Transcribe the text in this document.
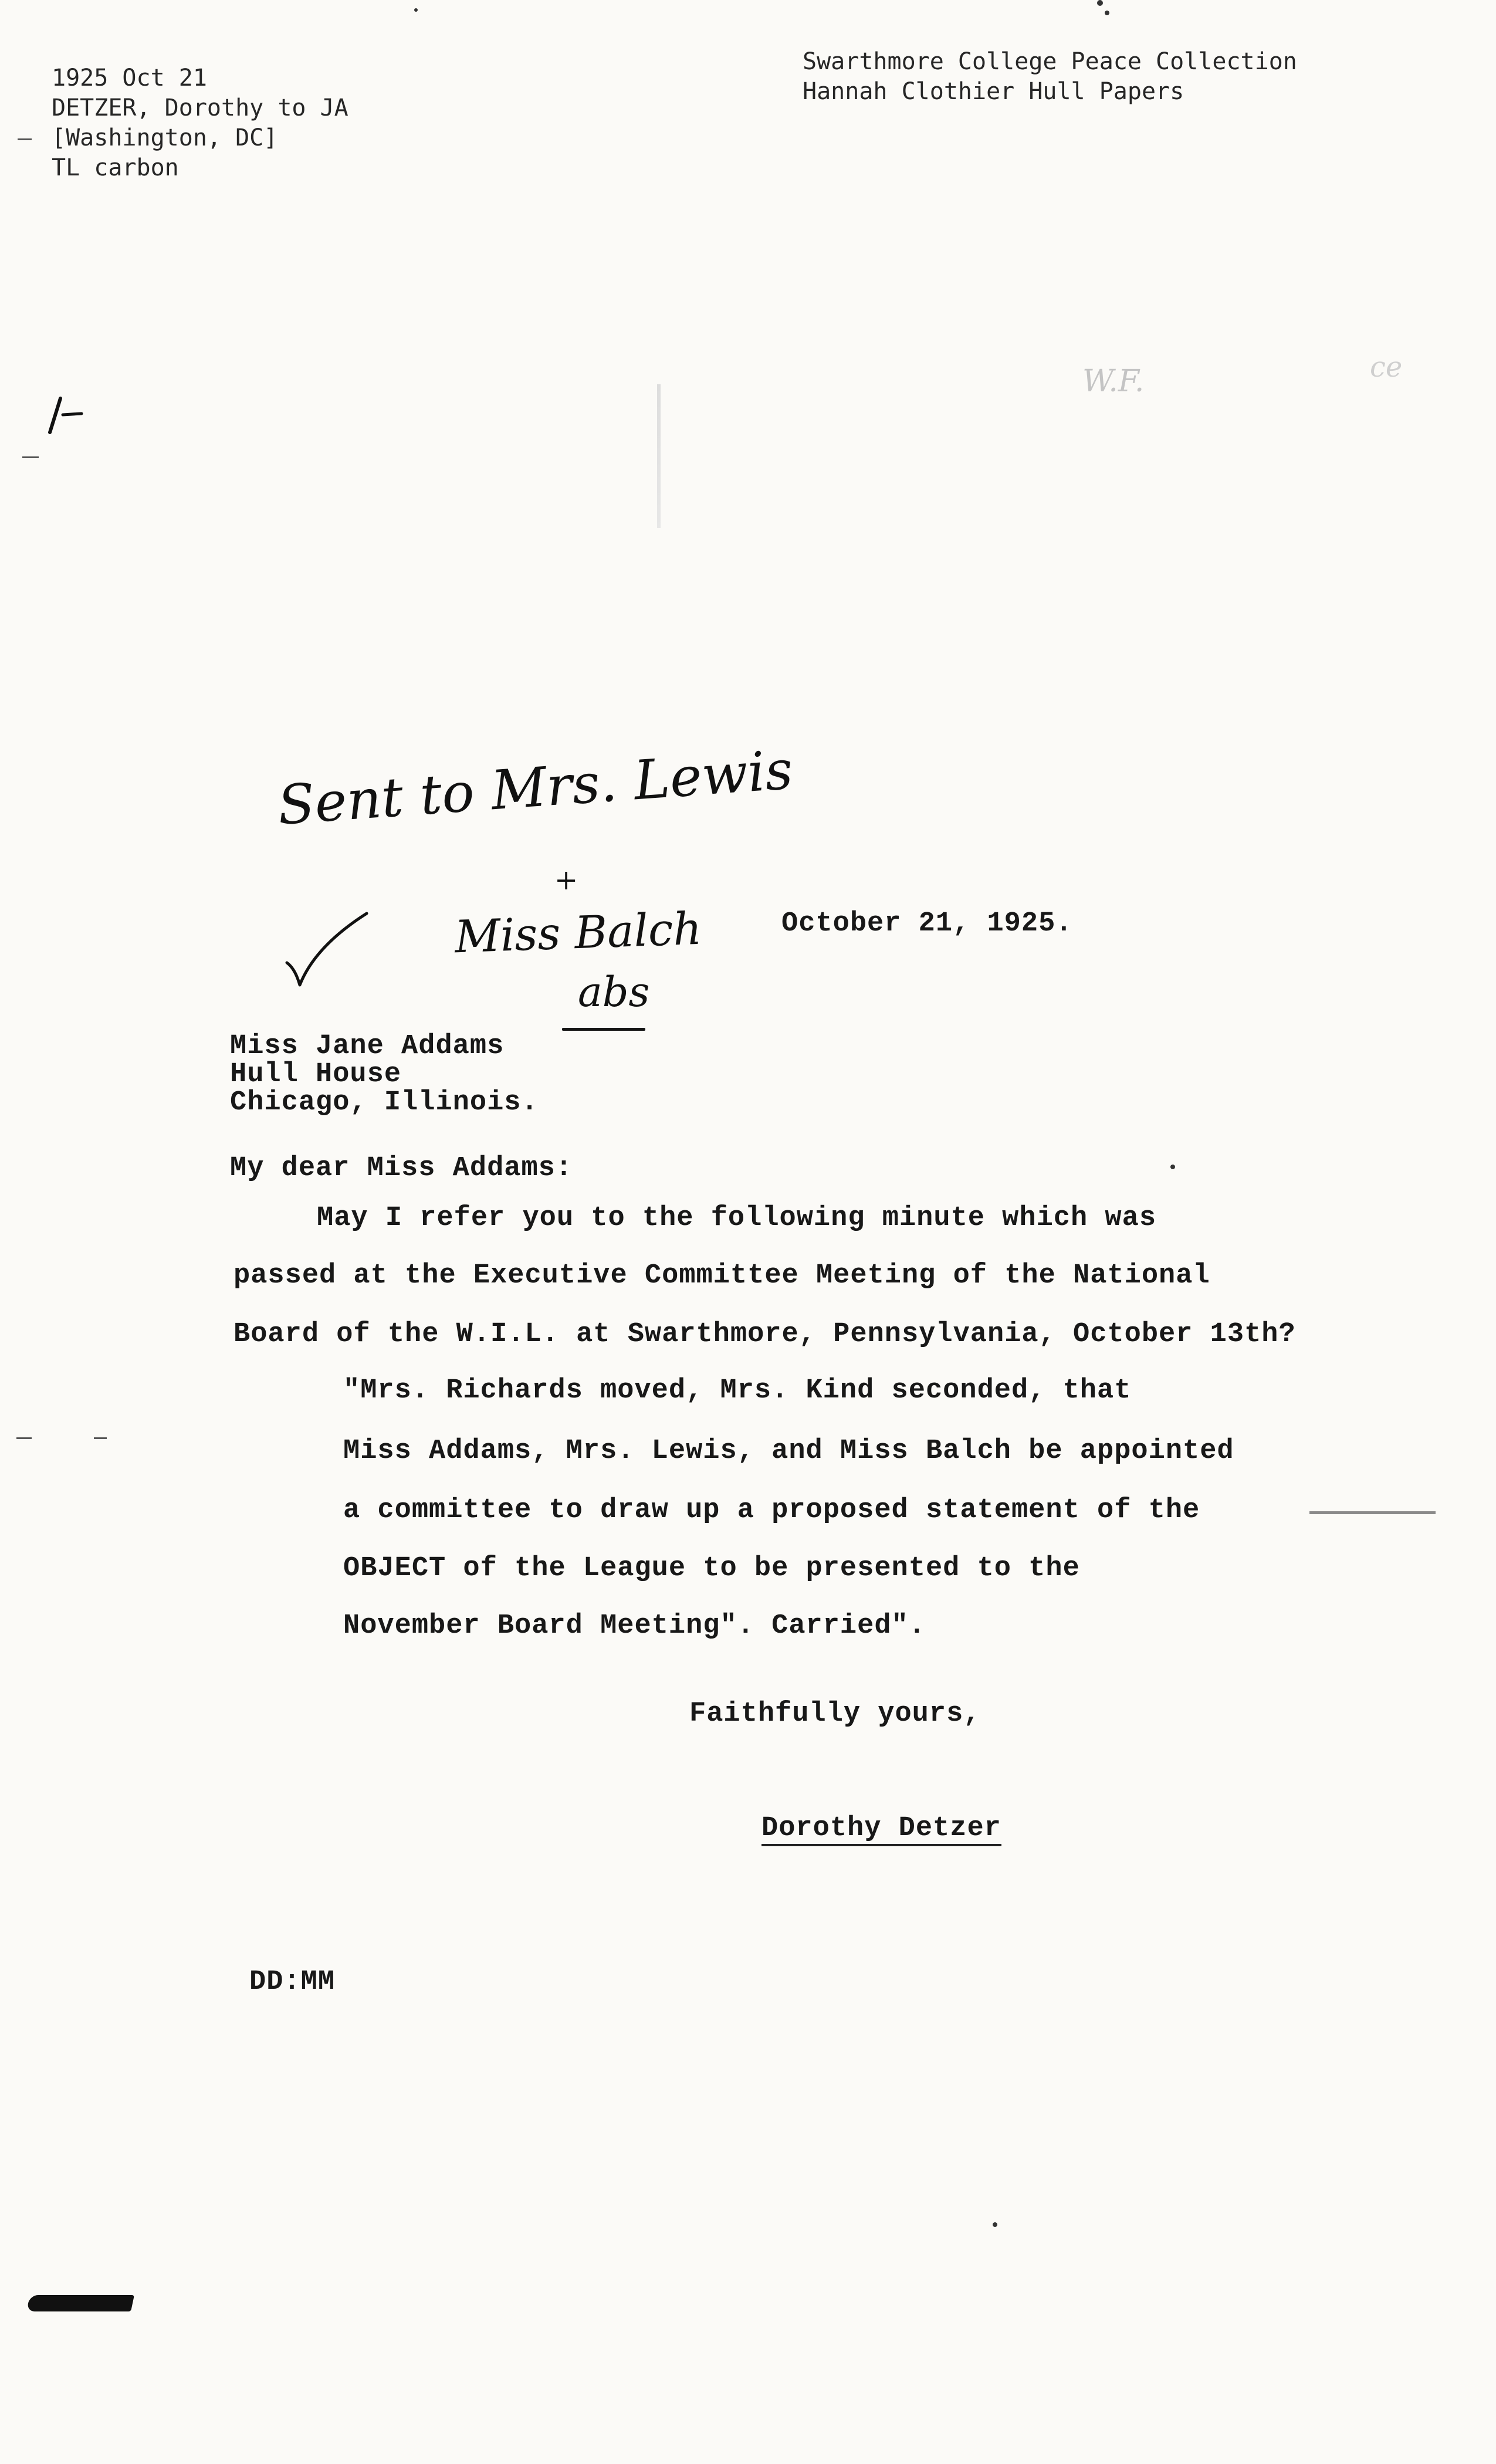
1925 Oct 21
DETZER, Dorothy to JA
[Washington, DC]
TL carbon
Swarthmore College Peace Collection
Hannah Clothier Hull Papers

W.F.	ce
Sent to Mrs. Lewis
+
Miss Balch
abs

October 21, 1925.
Miss Jane Addams
Hull House
Chicago, Illinois.
My dear Miss Addams:
May I refer you to the following minute which was
passed at the Executive Committee Meeting of the National
Board of the W.I.L. at Swarthmore, Pennsylvania, October 13th?
"Mrs. Richards moved, Mrs. Kind seconded, that
Miss Addams, Mrs. Lewis, and Miss Balch be appointed
a committee to draw up a proposed statement of the
OBJECT of the League to be presented to the
November Board Meeting". Carried".
Faithfully yours,
Dorothy Detzer
DD:MM
